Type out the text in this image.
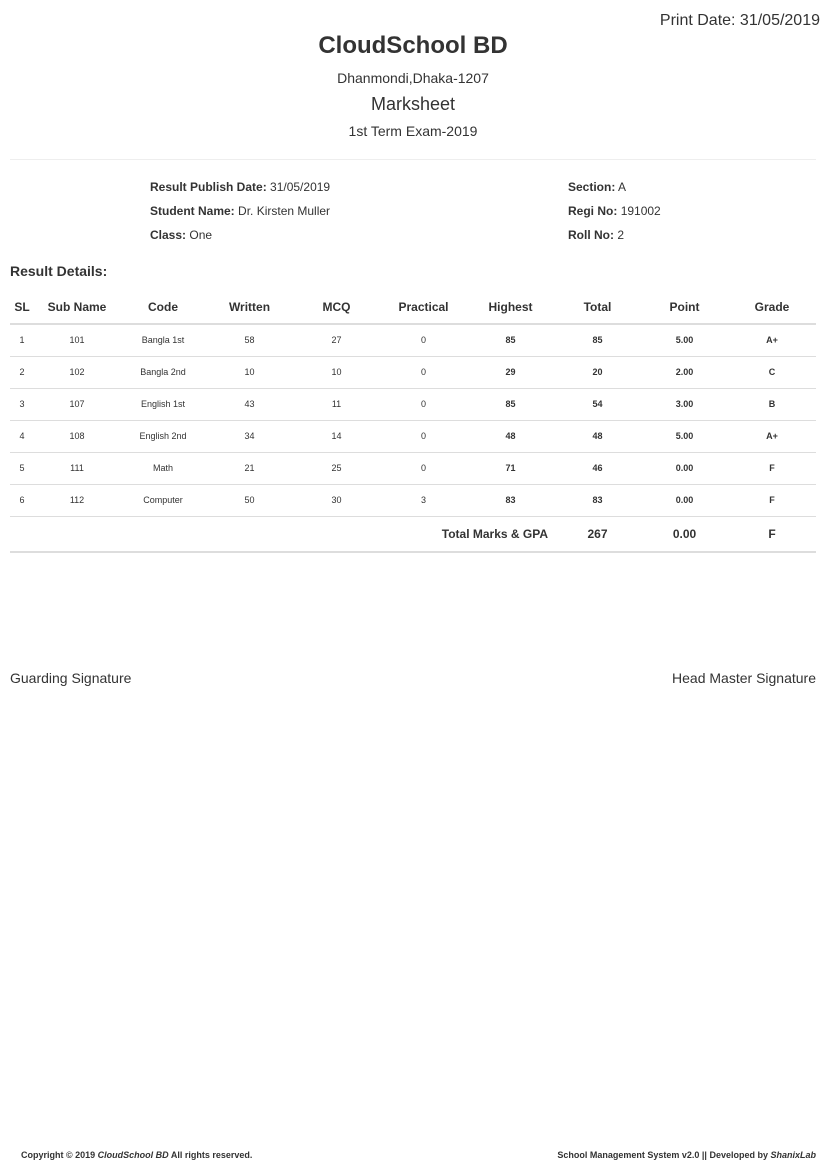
Print Date: 31/05/2019
CloudSchool BD
Dhanmondi,Dhaka-1207
Marksheet
1st Term Exam-2019
Result Publish Date: 31/05/2019
Student Name: Dr. Kirsten Muller
Class: One
Section: A
Regi No: 191002
Roll No: 2
Result Details:
SL	Sub Name	Code	Written	MCQ	Practical	Highest	Total	Point	Grade
1	101	Bangla 1st	58	27	0	85	85	5.00	A+
2	102	Bangla 2nd	10	10	0	29	20	2.00	C
3	107	English 1st	43	11	0	85	54	3.00	B
4	108	English 2nd	34	14	0	48	48	5.00	A+
5	111	Math	21	25	0	71	46	0.00	F
6	112	Computer	50	30	3	83	83	0.00	F
Total Marks & GPA							267	0.00	F
Guarding Signature	Head Master Signature
Copyright © 2019 CloudSchool BD All rights reserved.	School Management System v2.0 || Developed by ShanixLab
